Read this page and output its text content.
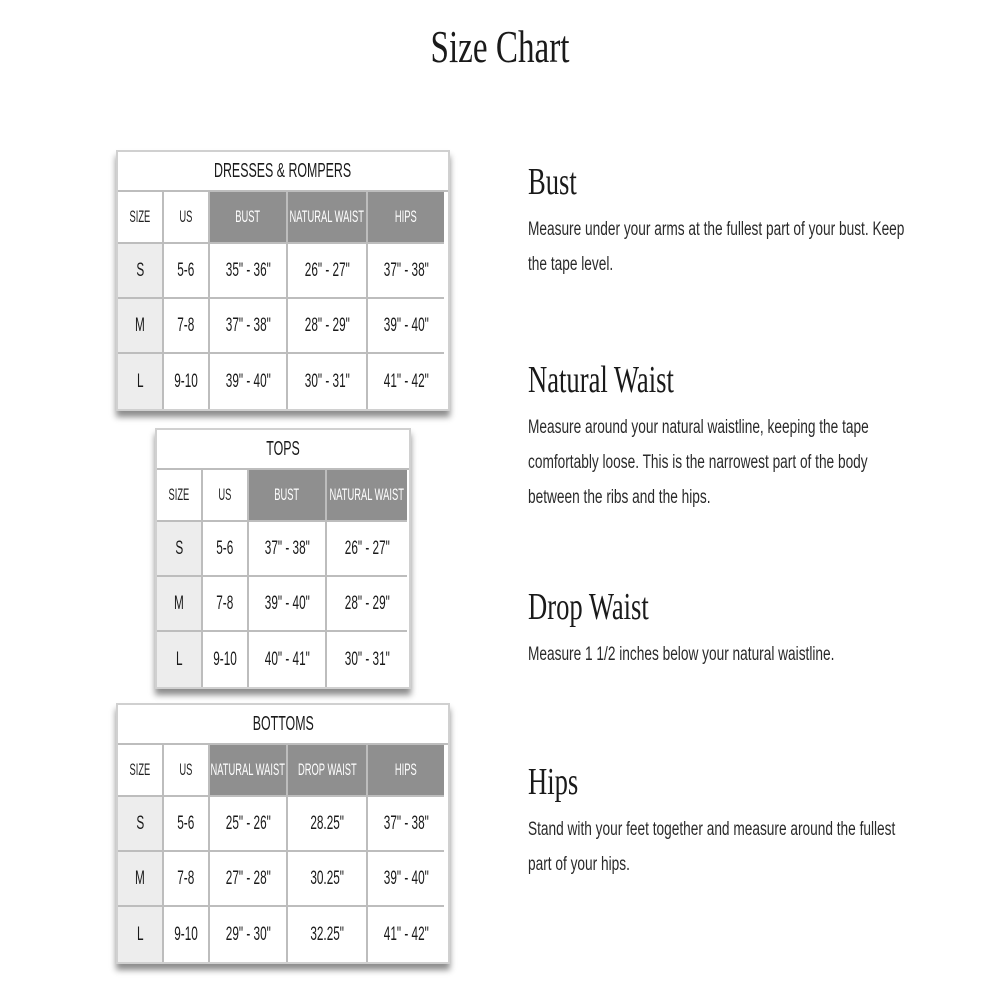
Size Chart
DRESSES & ROMPERS
SIZE US	BUST NATURAL WAIST HIPS
S 5-6 35" - 36" 26" - 27" 37" - 38"
M 7-8 37" - 38" 28" - 29" 39" - 40"
L 9-10 39" - 40" 30" - 31" 41" - 42"
TOPS
SIZE US	BUST NATURAL WAIST
S 5-6 37" - 38" 26" - 27"
M 7-8 39" - 40" 28" - 29"
L 9-10 40" - 41" 30" - 31"
BOTTOMS
SIZE US NATURAL WAIST DROP WAIST HIPS
S 5-6 25" - 26" 28.25" 37" - 38"
M 7-8 27" - 28" 30.25" 39" - 40"
L 9-10 29" - 30" 32.25" 41" - 42"
Bust

Measure under your arms at the fullest part of your bust. Keep the tape level.

Natural Waist

Measure around your natural waistline, keeping the tape comfortably loose. This is the narrowest part of the body between the ribs and the hips.

Drop Waist

Measure 1 1/2 inches below your natural waistline.

Hips

Stand with your feet together and measure around the fullest part of your hips.
